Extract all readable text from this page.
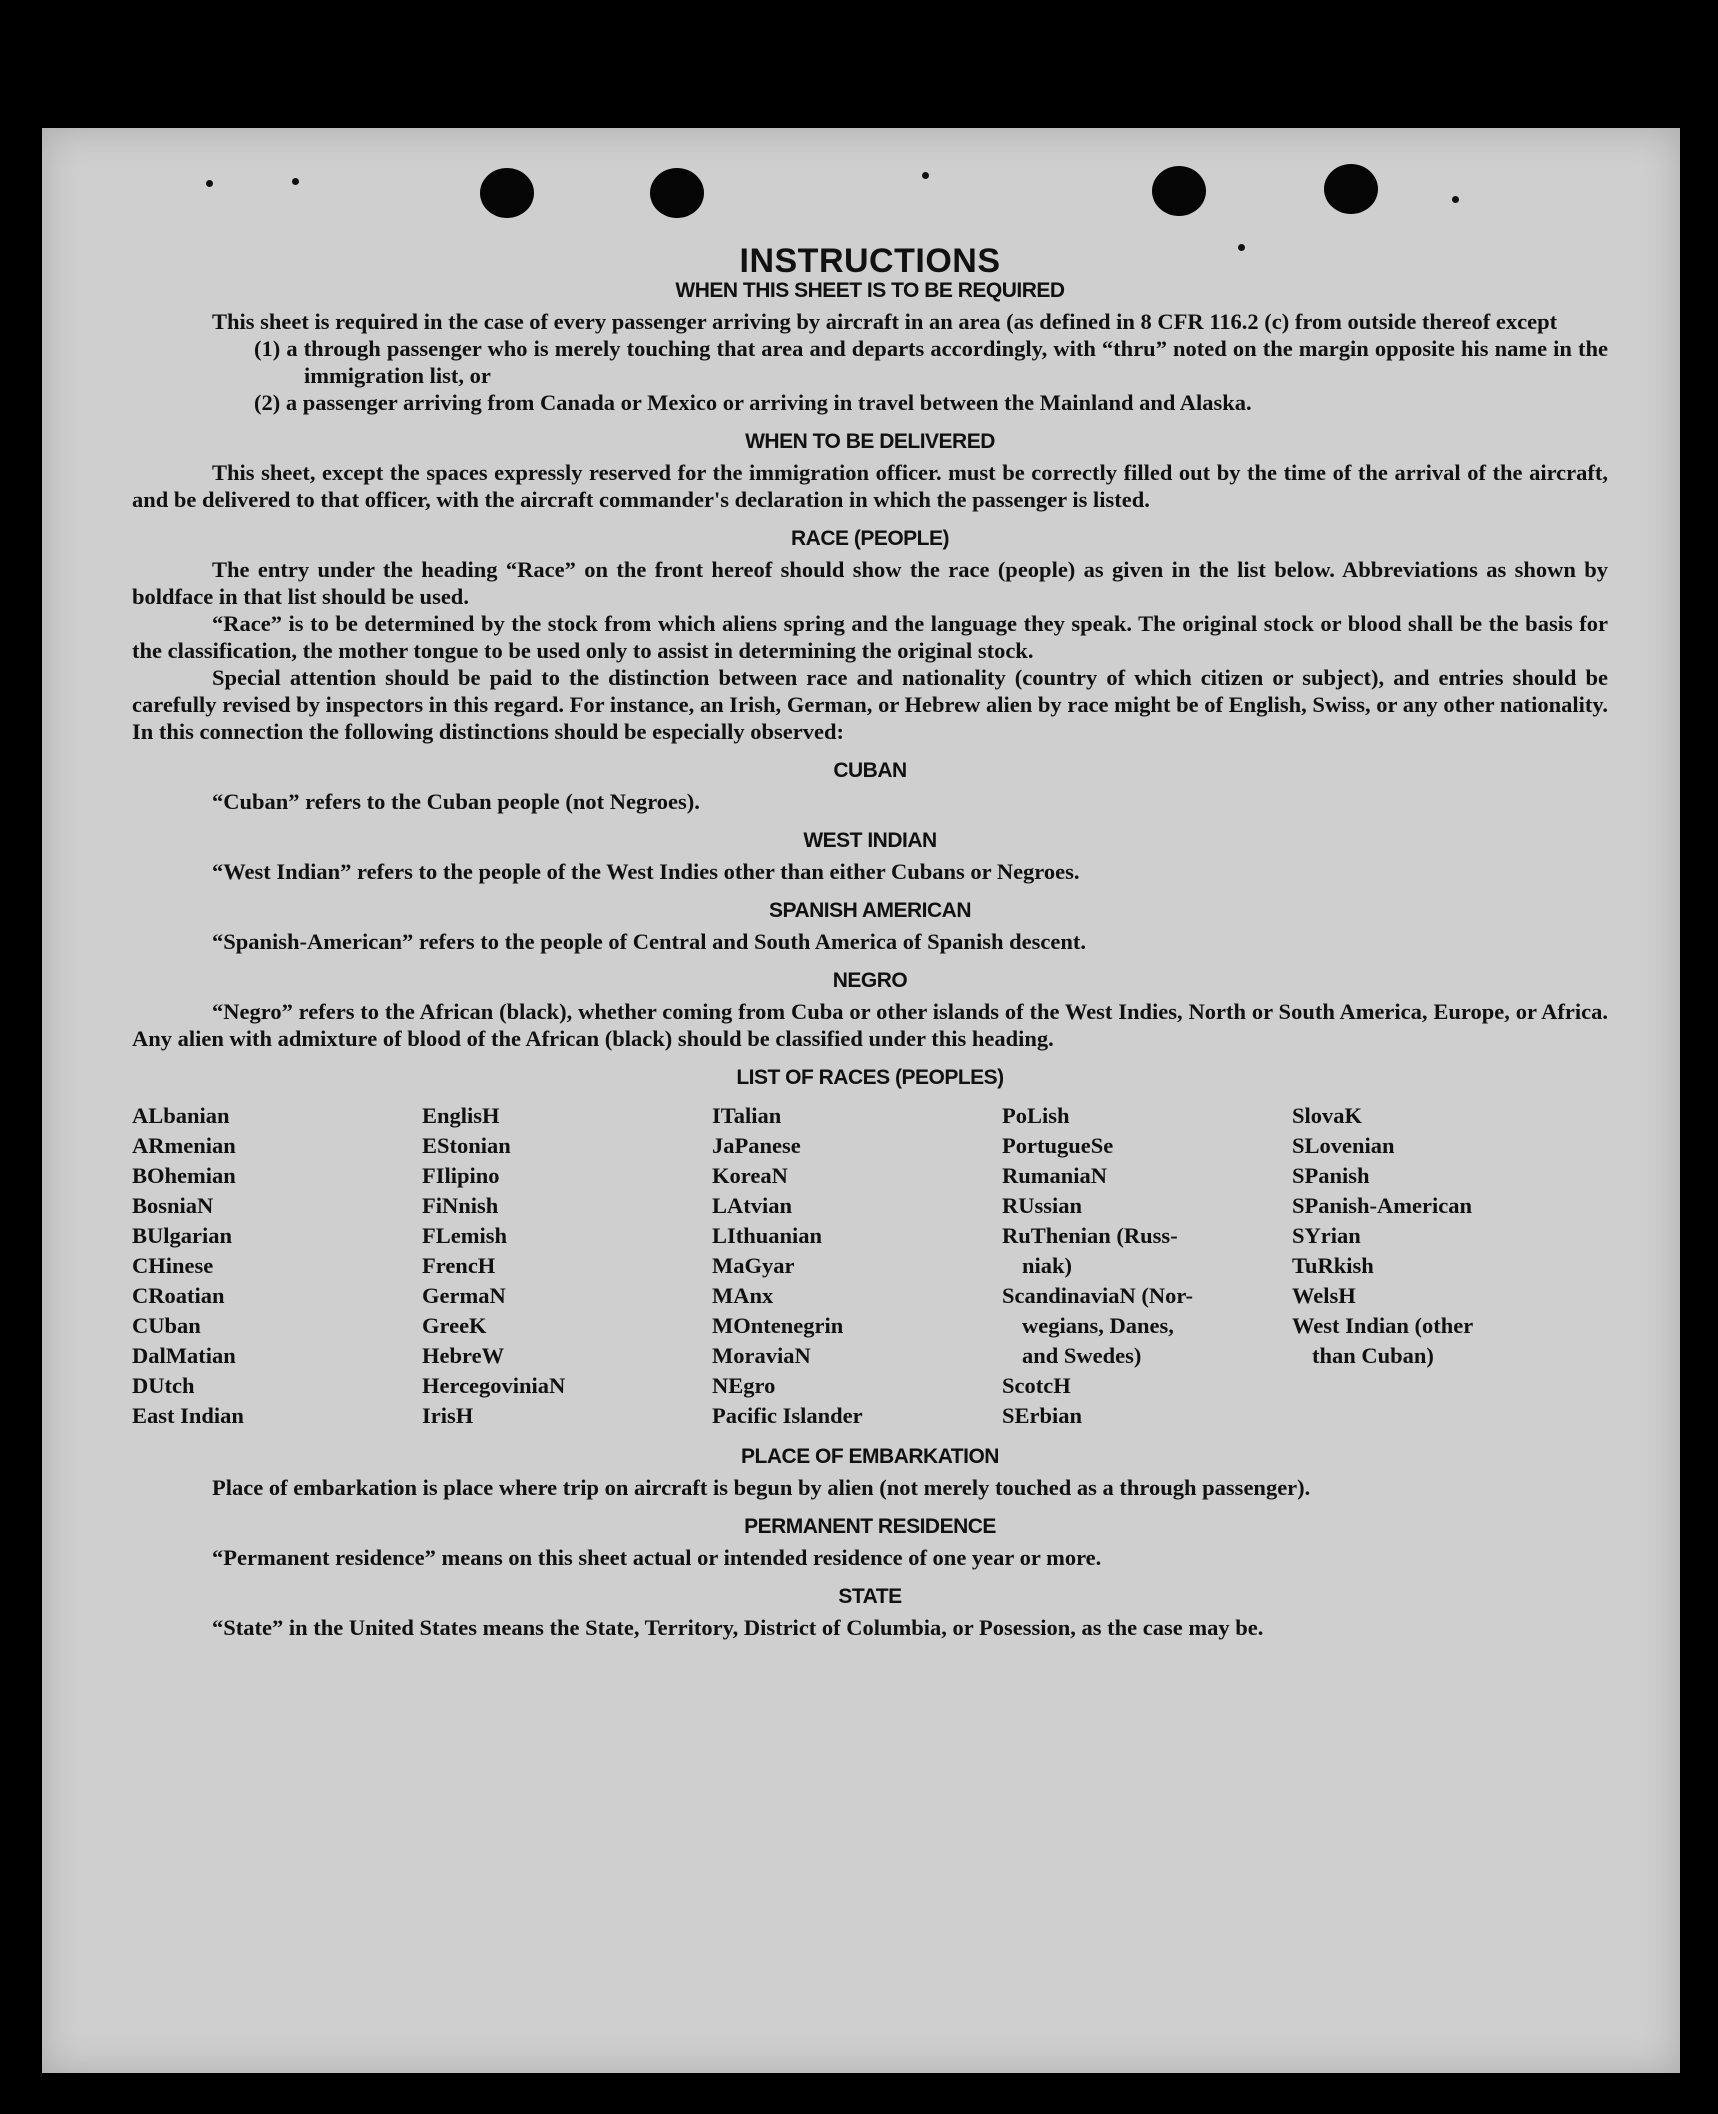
INSTRUCTIONS
WHEN THIS SHEET IS TO BE REQUIRED

This sheet is required in the case of every passenger arriving by aircraft in an area (as defined in 8 CFR 116.2 (c) from outside thereof except

(1) a through passenger who is merely touching that area and departs accordingly, with “thru” noted on the margin opposite his name in the immigration list, or

(2) a passenger arriving from Canada or Mexico or arriving in travel between the Mainland and Alaska.

WHEN TO BE DELIVERED

This sheet, except the spaces expressly reserved for the immigration officer. must be correctly filled out by the time of the arrival of the aircraft, and be delivered to that officer, with the aircraft commander's declaration in which the passenger is listed.

RACE (PEOPLE)

The entry under the heading “Race” on the front hereof should show the race (people) as given in the list below. Abbreviations as shown by boldface in that list should be used.

“Race” is to be determined by the stock from which aliens spring and the language they speak. The original stock or blood shall be the basis for the classification, the mother tongue to be used only to assist in determining the original stock.

Special attention should be paid to the distinction between race and nationality (country of which citizen or subject), and entries should be carefully revised by inspectors in this regard. For instance, an Irish, German, or Hebrew alien by race might be of English, Swiss, or any other nationality. In this connection the following distinctions should be especially observed:

CUBAN

“Cuban” refers to the Cuban people (not Negroes).

WEST INDIAN

“West Indian” refers to the people of the West Indies other than either Cubans or Negroes.

SPANISH AMERICAN

“Spanish-American” refers to the people of Central and South America of Spanish descent.

NEGRO

“Negro” refers to the African (black), whether coming from Cuba or other islands of the West Indies, North or South America, Europe, or Africa. Any alien with admixture of blood of the African (black) should be classified under this heading.

LIST OF RACES (PEOPLES)
ALbanian
ARmenian
BOhemian
BosniaN
BUlgarian
CHinese
CRoatian
CUban
DalMatian
DUtch
East Indian
EnglisH
EStonian
FIlipino
FiNnish
FLemish
FrencH
GermaN
GreeK
HebreW
HercegoviniaN
IrisH
ITalian
JaPanese
KoreaN
LAtvian
LIthuanian
MaGyar
MAnx
MOntenegrin
MoraviaN
NEgro
Pacific Islander
PoLish
PortugueSe
RumaniaN
RUssian
RuThenian (Russ-
niak)
ScandinaviaN (Nor-
wegians, Danes,
and Swedes)
ScotcH
SErbian
SlovaK
SLovenian
SPanish
SPanish-American
SYrian
TuRkish
WelsH
West Indian (other
than Cuban)
PLACE OF EMBARKATION

Place of embarkation is place where trip on aircraft is begun by alien (not merely touched as a through passenger).

PERMANENT RESIDENCE

“Permanent residence” means on this sheet actual or intended residence of one year or more.

STATE

“State” in the United States means the State, Territory, District of Columbia, or Posession, as the case may be.
